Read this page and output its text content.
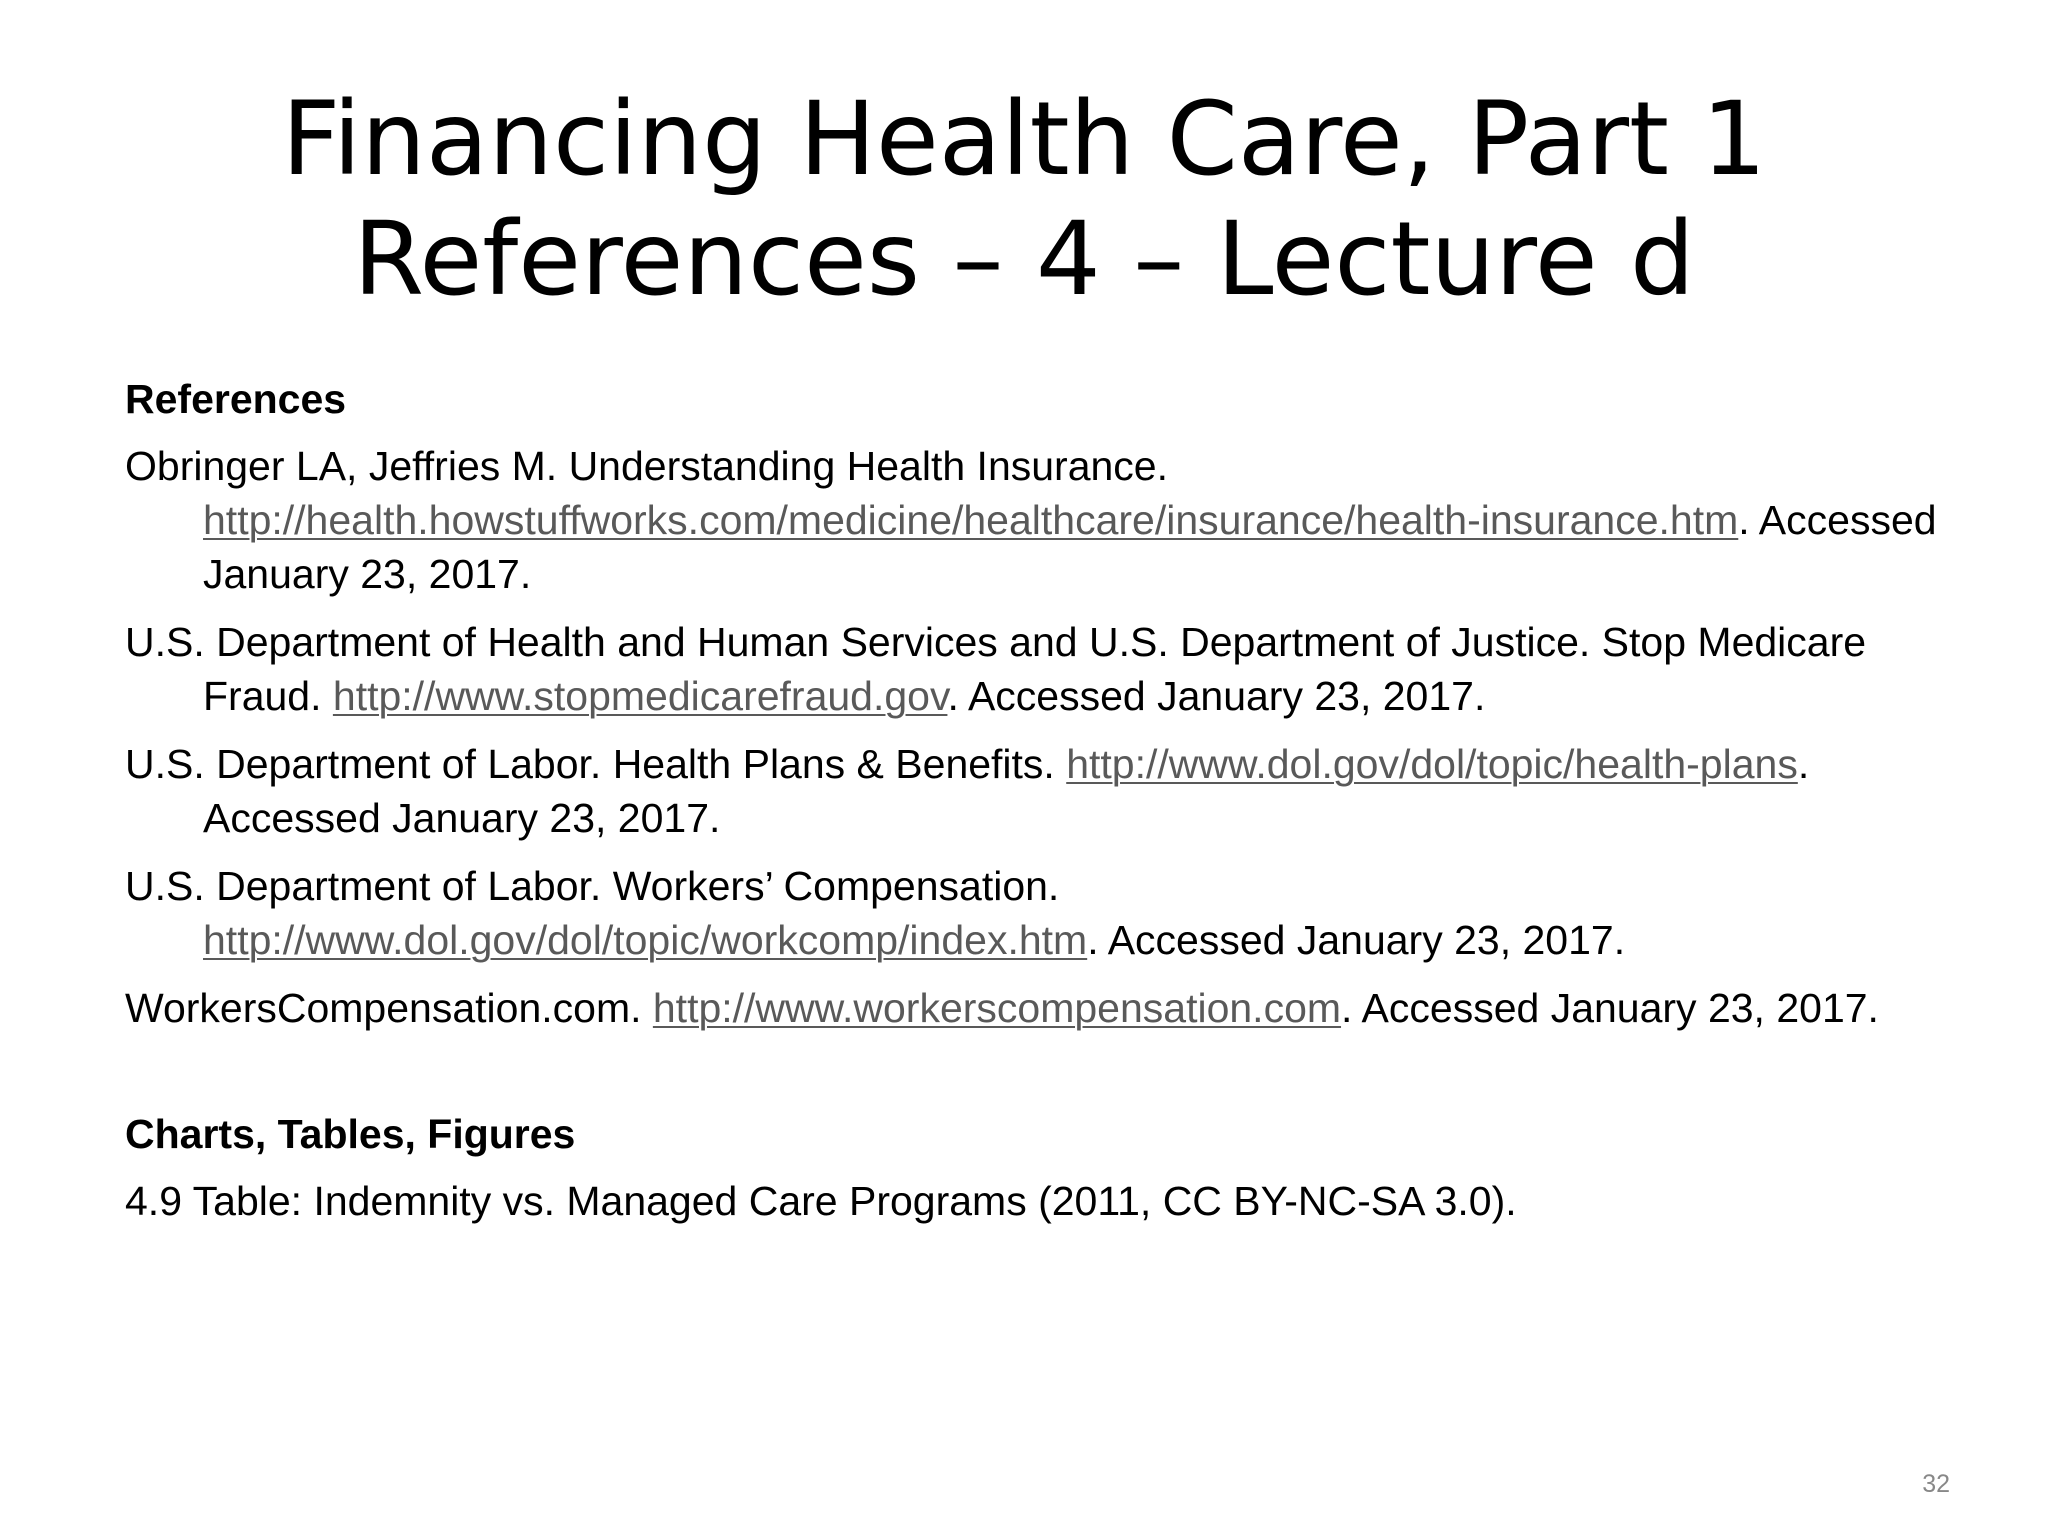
Financing Health Care, Part 1
References – 4 – Lecture d
References
Obringer LA, Jeffries M. Understanding Health Insurance. http://health.howstuffworks.com/medicine/healthcare/insurance/health-insurance.htm. Accessed January 23, 2017.
U.S. Department of Health and Human Services and U.S. Department of Justice. Stop Medicare Fraud. http://www.stopmedicarefraud.gov. Accessed January 23, 2017.
U.S. Department of Labor. Health Plans & Benefits. http://www.dol.gov/dol/topic/health-plans. Accessed January 23, 2017.
U.S. Department of Labor. Workers’ Compensation.
http://www.dol.gov/dol/topic/workcomp/index.htm. Accessed January 23, 2017.
WorkersCompensation.com. http://www.workerscompensation.com. Accessed January 23, 2017.
Charts, Tables, Figures
4.9 Table: Indemnity vs. Managed Care Programs (2011, CC BY-NC-SA 3.0).
32
